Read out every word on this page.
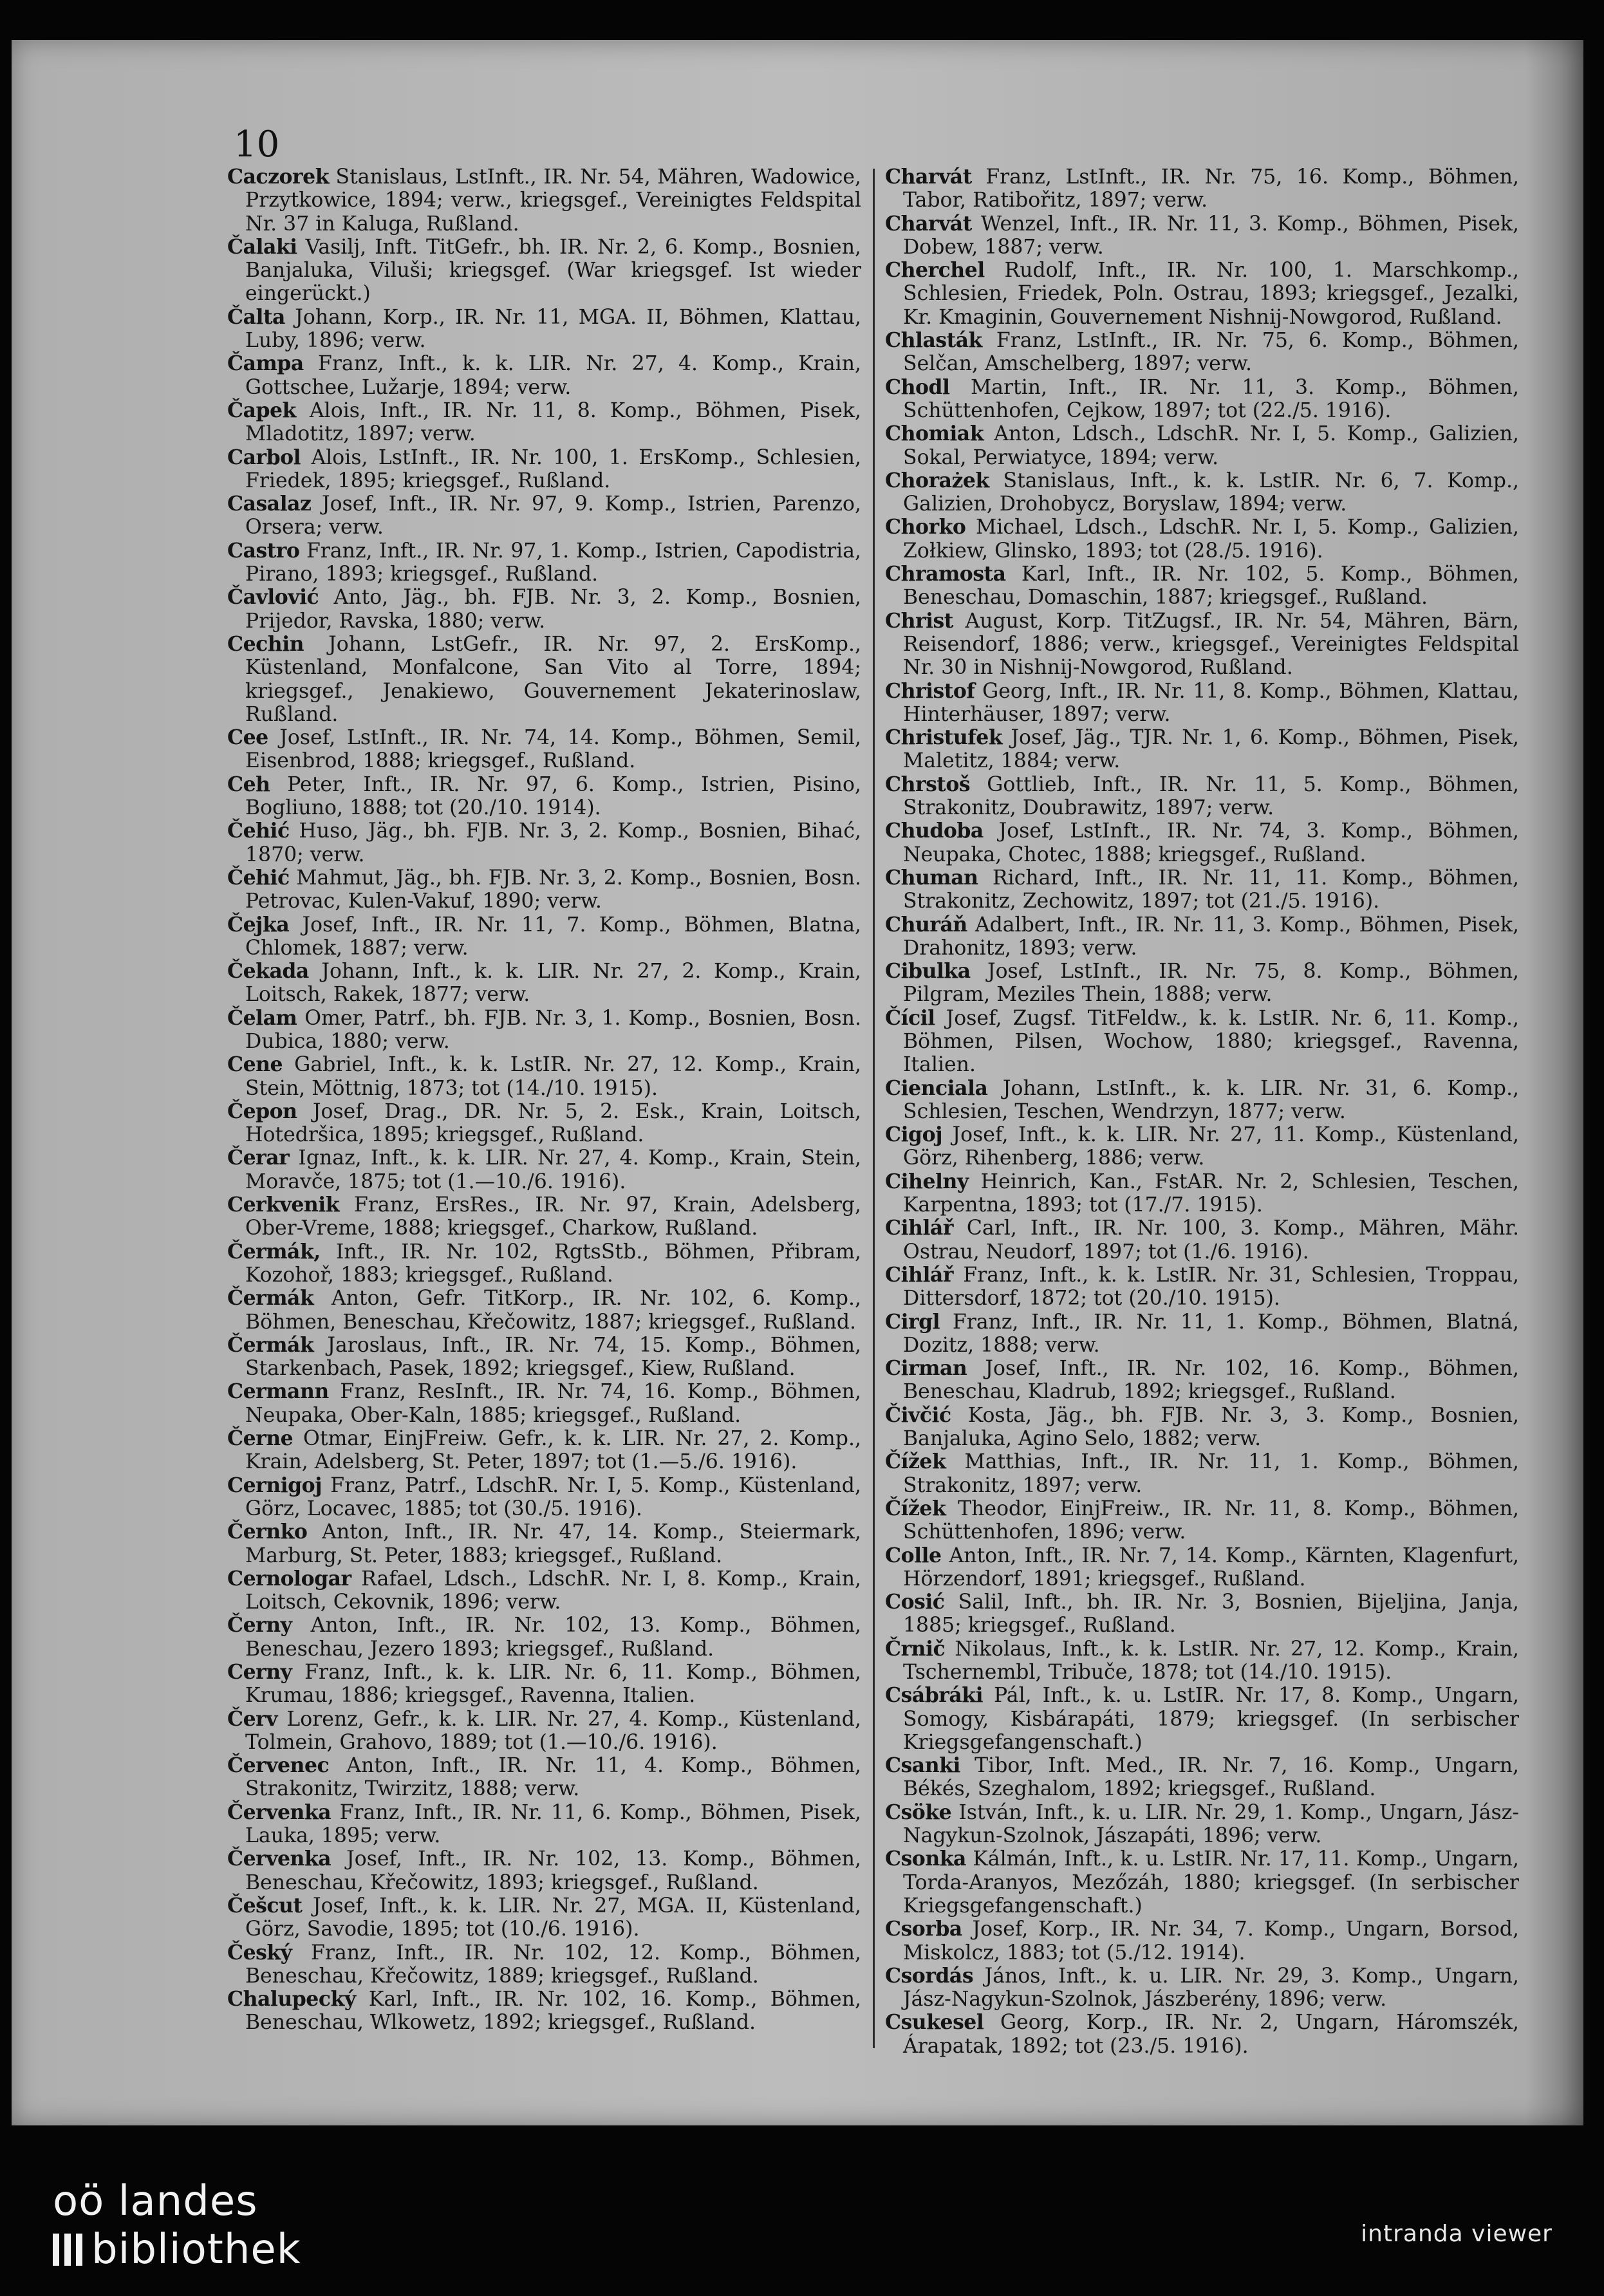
10

Caczorek Stanislaus, LstInft., IR. Nr. 54, Mähren, Wadowice, Przytkowice, 1894; verw., kriegsgef., Vereinigtes Feldspital Nr. 37 in Kaluga, Rußland.

Čalaki Vasilj, Inft. TitGefr., bh. IR. Nr. 2, 6. Komp., Bosnien, Banjaluka, Viluši; kriegsgef. (War kriegsgef. Ist wieder eingerückt.)

Čalta Johann, Korp., IR. Nr. 11, MGA. II, Böhmen, Klattau, Luby, 1896; verw.

Čampa Franz, Inft., k. k. LIR. Nr. 27, 4. Komp., Krain, Gottschee, Lužarje, 1894; verw.

Čapek Alois, Inft., IR. Nr. 11, 8. Komp., Böhmen, Pisek, Mladotitz, 1897; verw.

Carbol Alois, LstInft., IR. Nr. 100, 1. ErsKomp., Schlesien, Friedek, 1895; kriegsgef., Rußland.

Casalaz Josef, Inft., IR. Nr. 97, 9. Komp., Istrien, Parenzo, Orsera; verw.

Castro Franz, Inft., IR. Nr. 97, 1. Komp., Istrien, Capodistria, Pirano, 1893; kriegsgef., Rußland.

Čavlović Anto, Jäg., bh. FJB. Nr. 3, 2. Komp., Bosnien, Prijedor, Ravska, 1880; verw.

Cechin Johann, LstGefr., IR. Nr. 97, 2. ErsKomp., Küstenland, Monfalcone, San Vito al Torre, 1894; kriegsgef., Jenakiewo, Gouvernement Jekaterinoslaw, Rußland.

Cee Josef, LstInft., IR. Nr. 74, 14. Komp., Böhmen, Semil, Eisenbrod, 1888; kriegsgef., Rußland.

Ceh Peter, Inft., IR. Nr. 97, 6. Komp., Istrien, Pisino, Bogliuno, 1888; tot (20./10. 1914).

Čehić Huso, Jäg., bh. FJB. Nr. 3, 2. Komp., Bosnien, Bihać, 1870; verw.

Čehić Mahmut, Jäg., bh. FJB. Nr. 3, 2. Komp., Bosnien, Bosn. Petrovac, Kulen-Vakuf, 1890; verw.

Čejka Josef, Inft., IR. Nr. 11, 7. Komp., Böhmen, Blatna, Chlomek, 1887; verw.

Čekada Johann, Inft., k. k. LIR. Nr. 27, 2. Komp., Krain, Loitsch, Rakek, 1877; verw.

Čelam Omer, Patrf., bh. FJB. Nr. 3, 1. Komp., Bosnien, Bosn. Dubica, 1880; verw.

Cene Gabriel, Inft., k. k. LstIR. Nr. 27, 12. Komp., Krain, Stein, Möttnig, 1873; tot (14./10. 1915).

Čepon Josef, Drag., DR. Nr. 5, 2. Esk., Krain, Loitsch, Hotedršica, 1895; kriegsgef., Rußland.

Čerar Ignaz, Inft., k. k. LIR. Nr. 27, 4. Komp., Krain, Stein, Moravče, 1875; tot (1.—10./6. 1916).

Cerkvenik Franz, ErsRes., IR. Nr. 97, Krain, Adelsberg, Ober-Vreme, 1888; kriegsgef., Charkow, Rußland.

Čermák, Inft., IR. Nr. 102, RgtsStb., Böhmen, Přibram, Kozohoř, 1883; kriegsgef., Rußland.

Čermák Anton, Gefr. TitKorp., IR. Nr. 102, 6. Komp., Böhmen, Beneschau, Křečowitz, 1887; kriegsgef., Rußland.

Čermák Jaroslaus, Inft., IR. Nr. 74, 15. Komp., Böhmen, Starkenbach, Pasek, 1892; kriegsgef., Kiew, Rußland.

Cermann Franz, ResInft., IR. Nr. 74, 16. Komp., Böhmen, Neupaka, Ober-Kaln, 1885; kriegsgef., Rußland.

Černe Otmar, EinjFreiw. Gefr., k. k. LIR. Nr. 27, 2. Komp., Krain, Adelsberg, St. Peter, 1897; tot (1.—5./6. 1916).

Cernigoj Franz, Patrf., LdschR. Nr. I, 5. Komp., Küstenland, Görz, Locavec, 1885; tot (30./5. 1916).

Černko Anton, Inft., IR. Nr. 47, 14. Komp., Steiermark, Marburg, St. Peter, 1883; kriegsgef., Rußland.

Cernologar Rafael, Ldsch., LdschR. Nr. I, 8. Komp., Krain, Loitsch, Cekovnik, 1896; verw.

Černy Anton, Inft., IR. Nr. 102, 13. Komp., Böhmen, Beneschau, Jezero 1893; kriegsgef., Rußland.

Cerny Franz, Inft., k. k. LIR. Nr. 6, 11. Komp., Böhmen, Krumau, 1886; kriegsgef., Ravenna, Italien.

Červ Lorenz, Gefr., k. k. LIR. Nr. 27, 4. Komp., Küstenland, Tolmein, Grahovo, 1889; tot (1.—10./6. 1916).

Červenec Anton, Inft., IR. Nr. 11, 4. Komp., Böhmen, Strakonitz, Twirzitz, 1888; verw.

Červenka Franz, Inft., IR. Nr. 11, 6. Komp., Böhmen, Pisek, Lauka, 1895; verw.

Červenka Josef, Inft., IR. Nr. 102, 13. Komp., Böhmen, Beneschau, Křečowitz, 1893; kriegsgef., Rußland.

Češcut Josef, Inft., k. k. LIR. Nr. 27, MGA. II, Küstenland, Görz, Savodie, 1895; tot (10./6. 1916).

Český Franz, Inft., IR. Nr. 102, 12. Komp., Böhmen, Beneschau, Křečowitz, 1889; kriegsgef., Rußland.

Chalupecký Karl, Inft., IR. Nr. 102, 16. Komp., Böhmen, Beneschau, Wlkowetz, 1892; kriegsgef., Rußland.

Charvát Franz, LstInft., IR. Nr. 75, 16. Komp., Böhmen, Tabor, Ratibořitz, 1897; verw.

Charvát Wenzel, Inft., IR. Nr. 11, 3. Komp., Böhmen, Pisek, Dobew, 1887; verw.

Cherchel Rudolf, Inft., IR. Nr. 100, 1. Marschkomp., Schlesien, Friedek, Poln. Ostrau, 1893; kriegsgef., Jezalki, Kr. Kmaginin, Gouvernement Nishnij-Nowgorod, Rußland.

Chlasták Franz, LstInft., IR. Nr. 75, 6. Komp., Böhmen, Selčan, Amschelberg, 1897; verw.

Chodl Martin, Inft., IR. Nr. 11, 3. Komp., Böhmen, Schüttenhofen, Cejkow, 1897; tot (22./5. 1916).

Chomiak Anton, Ldsch., LdschR. Nr. I, 5. Komp., Galizien, Sokal, Perwiatyce, 1894; verw.

Chorażek Stanislaus, Inft., k. k. LstIR. Nr. 6, 7. Komp., Galizien, Drohobycz, Boryslaw, 1894; verw.

Chorko Michael, Ldsch., LdschR. Nr. I, 5. Komp., Galizien, Zołkiew, Glinsko, 1893; tot (28./5. 1916).

Chramosta Karl, Inft., IR. Nr. 102, 5. Komp., Böhmen, Beneschau, Domaschin, 1887; kriegsgef., Rußland.

Christ August, Korp. TitZugsf., IR. Nr. 54, Mähren, Bärn, Reisendorf, 1886; verw., kriegsgef., Vereinigtes Feldspital Nr. 30 in Nishnij-Nowgorod, Rußland.

Christof Georg, Inft., IR. Nr. 11, 8. Komp., Böhmen, Klattau, Hinterhäuser, 1897; verw.

Christufek Josef, Jäg., TJR. Nr. 1, 6. Komp., Böhmen, Pisek, Maletitz, 1884; verw.

Chrstoš Gottlieb, Inft., IR. Nr. 11, 5. Komp., Böhmen, Strakonitz, Doubrawitz, 1897; verw.

Chudoba Josef, LstInft., IR. Nr. 74, 3. Komp., Böhmen, Neupaka, Chotec, 1888; kriegsgef., Rußland.

Chuman Richard, Inft., IR. Nr. 11, 11. Komp., Böhmen, Strakonitz, Zechowitz, 1897; tot (21./5. 1916).

Churáň Adalbert, Inft., IR. Nr. 11, 3. Komp., Böhmen, Pisek, Drahonitz, 1893; verw.

Cibulka Josef, LstInft., IR. Nr. 75, 8. Komp., Böhmen, Pilgram, Meziles Thein, 1888; verw.

Čícil Josef, Zugsf. TitFeldw., k. k. LstIR. Nr. 6, 11. Komp., Böhmen, Pilsen, Wochow, 1880; kriegsgef., Ravenna, Italien.

Cienciala Johann, LstInft., k. k. LIR. Nr. 31, 6. Komp., Schlesien, Teschen, Wendrzyn, 1877; verw.

Cigoj Josef, Inft., k. k. LIR. Nr. 27, 11. Komp., Küstenland, Görz, Rihenberg, 1886; verw.

Cihelny Heinrich, Kan., FstAR. Nr. 2, Schlesien, Teschen, Karpentna, 1893; tot (17./7. 1915).

Cihlář Carl, Inft., IR. Nr. 100, 3. Komp., Mähren, Mähr. Ostrau, Neudorf, 1897; tot (1./6. 1916).

Cihlář Franz, Inft., k. k. LstIR. Nr. 31, Schlesien, Troppau, Dittersdorf, 1872; tot (20./10. 1915).

Cirgl Franz, Inft., IR. Nr. 11, 1. Komp., Böhmen, Blatná, Dozitz, 1888; verw.

Cirman Josef, Inft., IR. Nr. 102, 16. Komp., Böhmen, Beneschau, Kladrub, 1892; kriegsgef., Rußland.

Čivčić Kosta, Jäg., bh. FJB. Nr. 3, 3. Komp., Bosnien, Banjaluka, Agino Selo, 1882; verw.

Čížek Matthias, Inft., IR. Nr. 11, 1. Komp., Böhmen, Strakonitz, 1897; verw.

Čížek Theodor, EinjFreiw., IR. Nr. 11, 8. Komp., Böhmen, Schüttenhofen, 1896; verw.

Colle Anton, Inft., IR. Nr. 7, 14. Komp., Kärnten, Klagenfurt, Hörzendorf, 1891; kriegsgef., Rußland.

Cosić Salil, Inft., bh. IR. Nr. 3, Bosnien, Bijeljina, Janja, 1885; kriegsgef., Rußland.

Črnič Nikolaus, Inft., k. k. LstIR. Nr. 27, 12. Komp., Krain, Tschernembl, Tribuče, 1878; tot (14./10. 1915).

Csábráki Pál, Inft., k. u. LstIR. Nr. 17, 8. Komp., Ungarn, Somogy, Kisbárapáti, 1879; kriegsgef. (In serbischer Kriegsgefangenschaft.)

Csanki Tibor, Inft. Med., IR. Nr. 7, 16. Komp., Ungarn, Békés, Szeghalom, 1892; kriegsgef., Rußland.

Csöke István, Inft., k. u. LIR. Nr. 29, 1. Komp., Ungarn, Jász-Nagykun-Szolnok, Jászapáti, 1896; verw.

Csonka Kálmán, Inft., k. u. LstIR. Nr. 17, 11. Komp., Ungarn, Torda-Aranyos, Mezőzáh, 1880; kriegsgef. (In serbischer Kriegsgefangenschaft.)

Csorba Josef, Korp., IR. Nr. 34, 7. Komp., Ungarn, Borsod, Miskolcz, 1883; tot (5./12. 1914).

Csordás János, Inft., k. u. LIR. Nr. 29, 3. Komp., Ungarn, Jász-Nagykun-Szolnok, Jászberény, 1896; verw.

Csukesel Georg, Korp., IR. Nr. 2, Ungarn, Háromszék, Árapatak, 1892; tot (23./5. 1916).

oö landes
bibliothek	intranda viewer
